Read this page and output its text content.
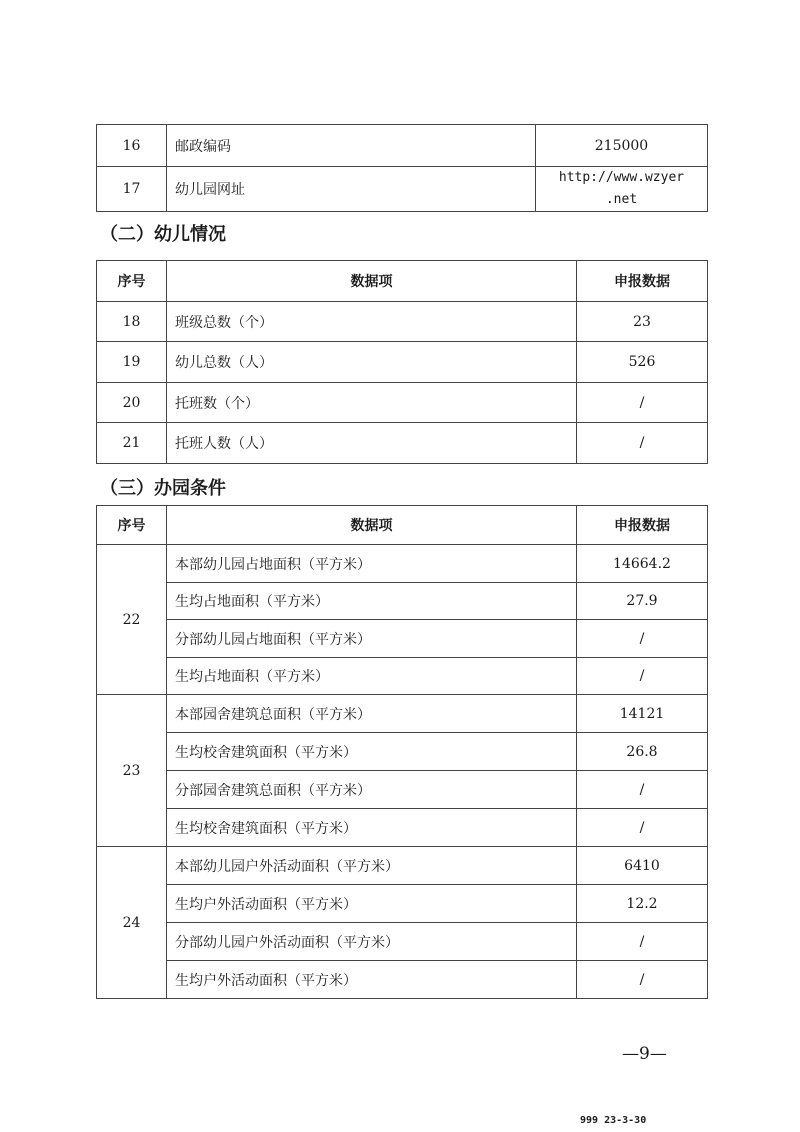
16	邮政编码	215000
17	幼儿园网址	http://www.wzyer
.net
（二）幼儿情况
序号	数据项	申报数据
18	班级总数（个）	23
19	幼儿总数（人）	526
20	托班数（个）	/
21	托班人数（人）	/
（三）办园条件
序号	数据项	申报数据
22	本部幼儿园占地面积（平方米）	14664.2
	生均占地面积（平方米）	27.9
	分部幼儿园占地面积（平方米）	/
	生均占地面积（平方米）	/
23	本部园舍建筑总面积（平方米）	14121
	生均校舍建筑面积（平方米）	26.8
	分部园舍建筑总面积（平方米）	/
	生均校舍建筑面积（平方米）	/
24	本部幼儿园户外活动面积（平方米）	6410
	生均户外活动面积（平方米）	12.2
	分部幼儿园户外活动面积（平方米）	/
	生均户外活动面积（平方米）	/
—9—
999 23-3-30
